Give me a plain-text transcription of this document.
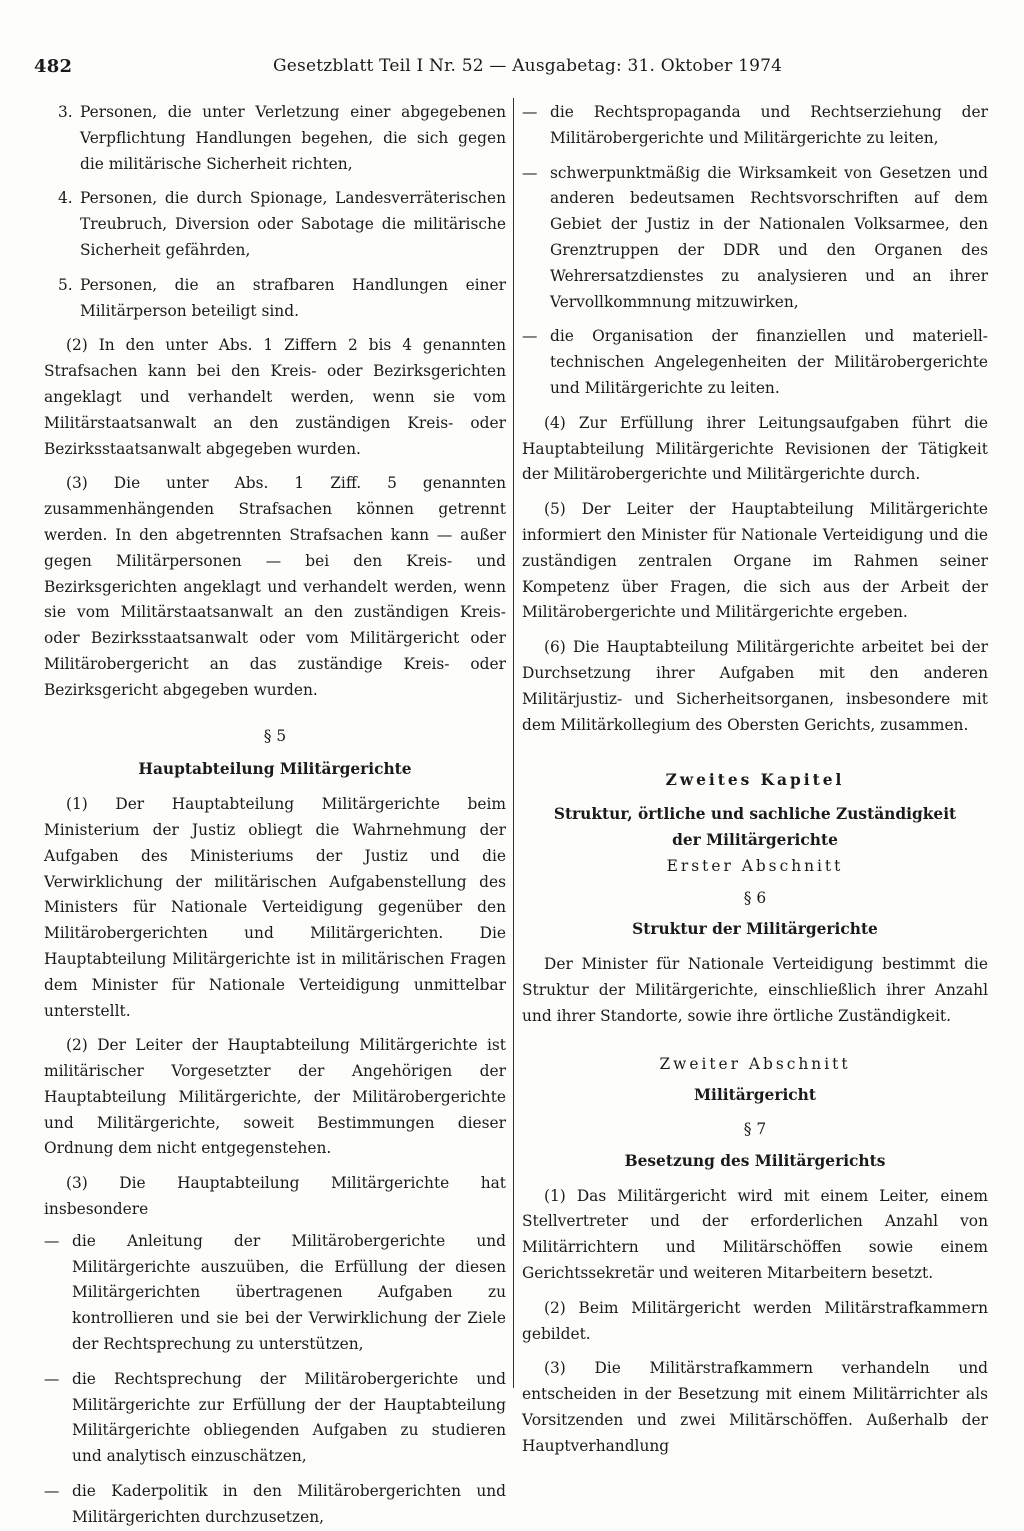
482	Gesetzblatt Teil I Nr. 52 — Ausgabetag: 31. Oktober 1974

3. Personen, die unter Verletzung einer abgegebenen Verpflichtung Handlungen begehen, die sich gegen die militärische Sicherheit richten,

4. Personen, die durch Spionage, Landesverräterischen Treubruch, Diversion oder Sabotage die militärische Sicherheit gefährden,

5. Personen, die an strafbaren Handlungen einer Militärperson beteiligt sind.

(2) In den unter Abs. 1 Ziffern 2 bis 4 genannten Strafsachen kann bei den Kreis- oder Bezirksgerichten angeklagt und verhandelt werden, wenn sie vom Militärstaatsanwalt an den zuständigen Kreis- oder Bezirksstaatsanwalt abgegeben wurden.

(3) Die unter Abs. 1 Ziff. 5 genannten zusammenhängenden Strafsachen können getrennt werden. In den abgetrennten Strafsachen kann — außer gegen Militärpersonen — bei den Kreis- und Bezirksgerichten angeklagt und verhandelt werden, wenn sie vom Militärstaatsanwalt an den zuständigen Kreis- oder Bezirksstaatsanwalt oder vom Militärgericht oder Militärobergericht an das zuständige Kreis- oder Bezirksgericht abgegeben wurden.

§ 5

Hauptabteilung Militärgerichte

(1) Der Hauptabteilung Militärgerichte beim Ministerium der Justiz obliegt die Wahrnehmung der Aufgaben des Ministeriums der Justiz und die Verwirklichung der militärischen Aufgabenstellung des Ministers für Nationale Verteidigung gegenüber den Militärobergerichten und Militärgerichten. Die Hauptabteilung Militärgerichte ist in militärischen Fragen dem Minister für Nationale Verteidigung unmittelbar unterstellt.

(2) Der Leiter der Hauptabteilung Militärgerichte ist militärischer Vorgesetzter der Angehörigen der Hauptabteilung Militärgerichte, der Militärobergerichte und Militärgerichte, soweit Bestimmungen dieser Ordnung dem nicht entgegenstehen.

(3) Die Hauptabteilung Militärgerichte hat insbesondere

— die Anleitung der Militärobergerichte und Militärgerichte auszuüben, die Erfüllung der diesen Militärgerichten übertragenen Aufgaben zu kontrollieren und sie bei der Verwirklichung der Ziele der Rechtsprechung zu unterstützen,

— die Rechtsprechung der Militärobergerichte und Militärgerichte zur Erfüllung der der Hauptabteilung Militärgerichte obliegenden Aufgaben zu studieren und analytisch einzuschätzen,

— die Kaderpolitik in den Militärobergerichten und Militärgerichten durchzusetzen,

— die Rechtspropaganda und Rechtserziehung der Militärobergerichte und Militärgerichte zu leiten,

— schwerpunktmäßig die Wirksamkeit von Gesetzen und anderen bedeutsamen Rechtsvorschriften auf dem Gebiet der Justiz in der Nationalen Volksarmee, den Grenztruppen der DDR und den Organen des Wehrersatzdienstes zu analysieren und an ihrer Vervollkommnung mitzuwirken,

— die Organisation der finanziellen und materiell-technischen Angelegenheiten der Militärobergerichte und Militärgerichte zu leiten.

(4) Zur Erfüllung ihrer Leitungsaufgaben führt die Hauptabteilung Militärgerichte Revisionen der Tätigkeit der Militärobergerichte und Militärgerichte durch.

(5) Der Leiter der Hauptabteilung Militärgerichte informiert den Minister für Nationale Verteidigung und die zuständigen zentralen Organe im Rahmen seiner Kompetenz über Fragen, die sich aus der Arbeit der Militärobergerichte und Militärgerichte ergeben.

(6) Die Hauptabteilung Militärgerichte arbeitet bei der Durchsetzung ihrer Aufgaben mit den anderen Militärjustiz- und Sicherheitsorganen, insbesondere mit dem Militärkollegium des Obersten Gerichts, zusammen.

Zweites Kapitel

Struktur, örtliche und sachliche Zuständigkeit

der Militärgerichte

Erster Abschnitt

§ 6

Struktur der Militärgerichte

Der Minister für Nationale Verteidigung bestimmt die Struktur der Militärgerichte, einschließlich ihrer Anzahl und ihrer Standorte, sowie ihre örtliche Zuständigkeit.

Zweiter Abschnitt

Militärgericht

§ 7

Besetzung des Militärgerichts

(1) Das Militärgericht wird mit einem Leiter, einem Stellvertreter und der erforderlichen Anzahl von Militärrichtern und Militärschöffen sowie einem Gerichtssekretär und weiteren Mitarbeitern besetzt.

(2) Beim Militärgericht werden Militärstrafkammern gebildet.

(3) Die Militärstrafkammern verhandeln und entscheiden in der Besetzung mit einem Militärrichter als Vorsitzenden und zwei Militärschöffen. Außerhalb der Hauptverhandlung
